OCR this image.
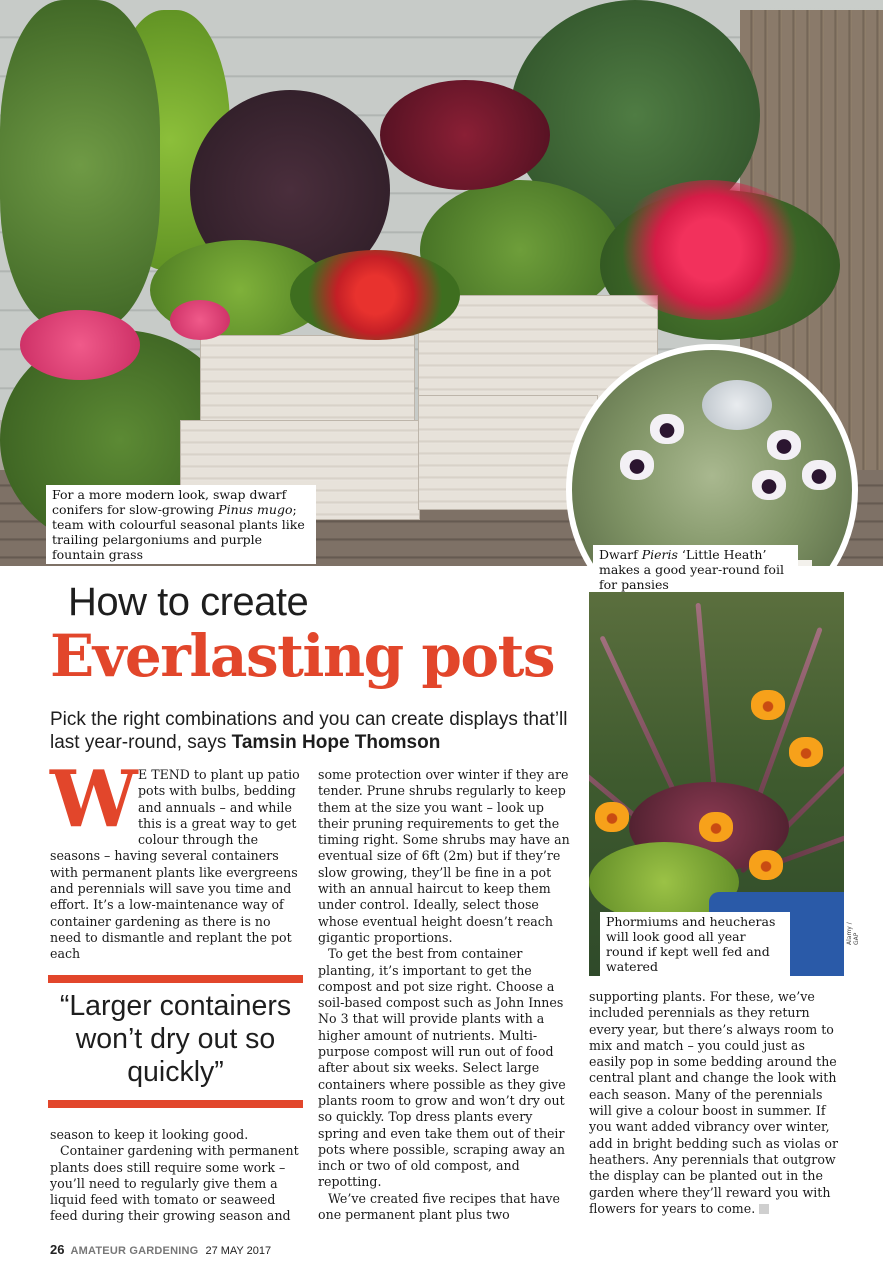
For a more modern look, swap dwarf conifers for slow-growing Pinus mugo; team with colourful seasonal plants like trailing pelargoniums and purple fountain grass	Dwarf Pieris ‘Little Heath’ makes a good year-round foil for pansies
Phormiums and heucheras will look good all year round if kept well fed and watered
Alamy / GAP
How to create
Everlasting pots
Pick the right combinations and you can create displays that’ll last year-round, says Tamsin Hope Thomson
W E TEND to plant up patio pots with bulbs, bedding and annuals – and while this is a great way to get colour through the seasons – having several containers with permanent plants like evergreens and perennials will save you time and effort. It’s a low-maintenance way of container gardening as there is no need to dismantle and replant the pot each

“Larger containers won’t dry out so quickly”

season to keep it looking good.

Container gardening with permanent plants does still require some work – you’ll need to regularly give them a liquid feed with tomato or seaweed feed during their growing season and

some protection over winter if they are tender. Prune shrubs regularly to keep them at the size you want – look up their pruning requirements to get the timing right. Some shrubs may have an eventual size of 6ft (2m) but if they’re slow growing, they’ll be fine in a pot with an annual haircut to keep them under control. Ideally, select those whose eventual height doesn’t reach gigantic proportions.

To get the best from container planting, it’s important to get the compost and pot size right. Choose a soil-based compost such as John Innes No 3 that will provide plants with a higher amount of nutrients. Multi-purpose compost will run out of food after about six weeks. Select large containers where possible as they give plants room to grow and won’t dry out so quickly. Top dress plants every spring and even take them out of their pots where possible, scraping away an inch or two of old compost, and repotting.

We’ve created five recipes that have one permanent plant plus two

supporting plants. For these, we’ve included perennials as they return every year, but there’s always room to mix and match – you could just as easily pop in some bedding around the central plant and change the look with each season. Many of the perennials will give a colour boost in summer. If you want added vibrancy over winter, add in bright bedding such as violas or heathers. Any perennials that outgrow the display can be planted out in the garden where they’ll reward you with flowers for years to come.

26 AMATEUR GARDENING 27 MAY 2017
